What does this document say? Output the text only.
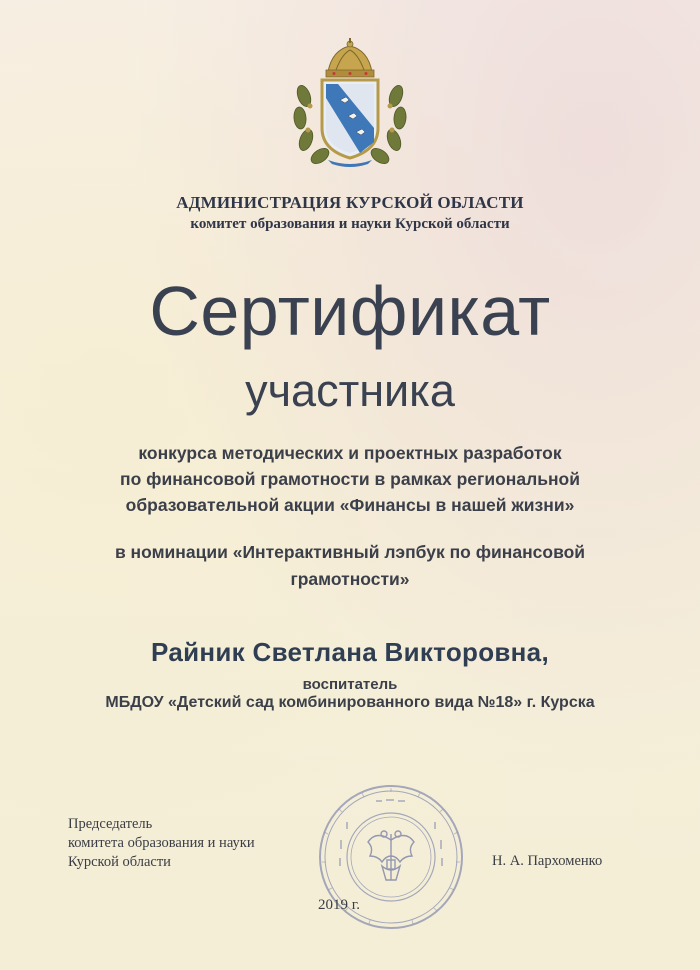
АДМИНИСТРАЦИЯ КУРСКОЙ ОБЛАСТИ
комитет образования и науки Курской области
Сертификат
участника
конкурса методических и проектных разработок
по финансовой грамотности в рамках региональной
образовательной акции «Финансы в нашей жизни»
в номинации «Интерактивный лэпбук по финансовой
грамотности»
Райник Светлана Викторовна,
воспитатель
МБДОУ «Детский сад комбинированного вида №18» г. Курска
Председатель
комитета образования и науки
Курской области	Н. А. Пархоменко
2019 г.
